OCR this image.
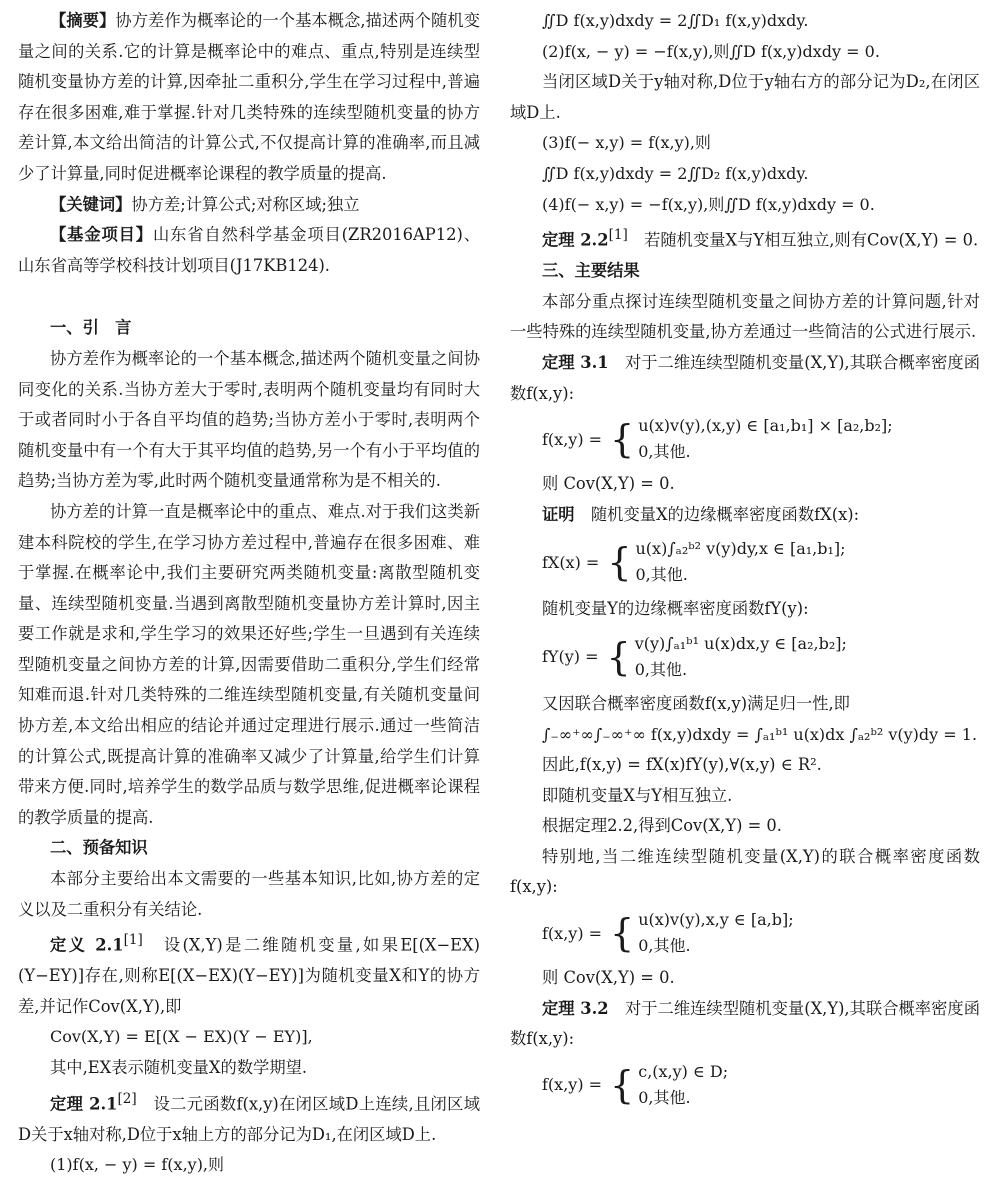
【摘要】协方差作为概率论的一个基本概念,描述两个随机变量之间的关系.它的计算是概率论中的难点、重点,特别是连续型随机变量协方差的计算,因牵扯二重积分,学生在学习过程中,普遍存在很多困难,难于掌握.针对几类特殊的连续型随机变量的协方差计算,本文给出简洁的计算公式,不仅提高计算的准确率,而且减少了计算量,同时促进概率论课程的教学质量的提高.

【关键词】协方差;计算公式;对称区域;独立

【基金项目】山东省自然科学基金项目(ZR2016AP12)、山东省高等学校科技计划项目(J17KB124).

一、引　言

协方差作为概率论的一个基本概念,描述两个随机变量之间协同变化的关系.当协方差大于零时,表明两个随机变量均有同时大于或者同时小于各自平均值的趋势;当协方差小于零时,表明两个随机变量中有一个有大于其平均值的趋势,另一个有小于平均值的趋势;当协方差为零,此时两个随机变量通常称为是不相关的.

协方差的计算一直是概率论中的重点、难点.对于我们这类新建本科院校的学生,在学习协方差过程中,普遍存在很多困难、难于掌握.在概率论中,我们主要研究两类随机变量:离散型随机变量、连续型随机变量.当遇到离散型随机变量协方差计算时,因主要工作就是求和,学生学习的效果还好些;学生一旦遇到有关连续型随机变量之间协方差的计算,因需要借助二重积分,学生们经常知难而退.针对几类特殊的二维连续型随机变量,有关随机变量间协方差,本文给出相应的结论并通过定理进行展示.通过一些简洁的计算公式,既提高计算的准确率又减少了计算量,给学生们计算带来方便.同时,培养学生的数学品质与数学思维,促进概率论课程的教学质量的提高.

二、预备知识

本部分主要给出本文需要的一些基本知识,比如,协方差的定义以及二重积分有关结论.

定义 2.1[1]　 设(X,Y)是二维随机变量,如果E[(X−EX)(Y−EY)]存在,则称E[(X−EX)(Y−EY)]为随机变量X和Y的协方差,并记作Cov(X,Y),即

Cov(X,Y) = E[(X − EX)(Y − EY)],

其中,EX表示随机变量X的数学期望.

定理 2.1[2]　 设二元函数f(x,y)在闭区域D上连续,且闭区域D关于x轴对称,D位于x轴上方的部分记为D₁,在闭区域D上.

(1)f(x, − y) = f(x,y),则

∬D f(x,y)dxdy = 2∬D₁ f(x,y)dxdy.

(2)f(x, − y) = −f(x,y),则∬D f(x,y)dxdy = 0.

当闭区域D关于y轴对称,D位于y轴右方的部分记为D₂,在闭区域D上.

(3)f(− x,y) = f(x,y),则

∬D f(x,y)dxdy = 2∬D₂ f(x,y)dxdy.

(4)f(− x,y) = −f(x,y),则∬D f(x,y)dxdy = 0.

定理 2.2[1]　 若随机变量X与Y相互独立,则有Cov(X,Y) = 0.

三、主要结果

本部分重点探讨连续型随机变量之间协方差的计算问题,针对一些特殊的连续型随机变量,协方差通过一些简洁的公式进行展示.

定理 3.1　 对于二维连续型随机变量(X,Y),其联合概率密度函数f(x,y):

f(x,y) = { u(x)v(y),(x,y) ∈ [a₁,b₁] × [a₂,b₂];
0,其他.

则 Cov(X,Y) = 0.

证明　 随机变量X的边缘概率密度函数fX(x):

fX(x) = { u(x)∫ₐ₂ᵇ² v(y)dy,x ∈ [a₁,b₁];
0,其他.

随机变量Y的边缘概率密度函数fY(y):

fY(y) = { v(y)∫ₐ₁ᵇ¹ u(x)dx,y ∈ [a₂,b₂];
0,其他.

又因联合概率密度函数f(x,y)满足归一性,即

∫₋∞⁺∞∫₋∞⁺∞ f(x,y)dxdy = ∫ₐ₁ᵇ¹ u(x)dx ∫ₐ₂ᵇ² v(y)dy = 1.

因此,f(x,y) = fX(x)fY(y),∀(x,y) ∈ R².

即随机变量X与Y相互独立.

根据定理2.2,得到Cov(X,Y) = 0.

特别地,当二维连续型随机变量(X,Y)的联合概率密度函数f(x,y):

f(x,y) = { u(x)v(y),x,y ∈ [a,b];
0,其他.

则 Cov(X,Y) = 0.

定理 3.2　 对于二维连续型随机变量(X,Y),其联合概率密度函数f(x,y):

f(x,y) = { c,(x,y) ∈ D;
0,其他.
